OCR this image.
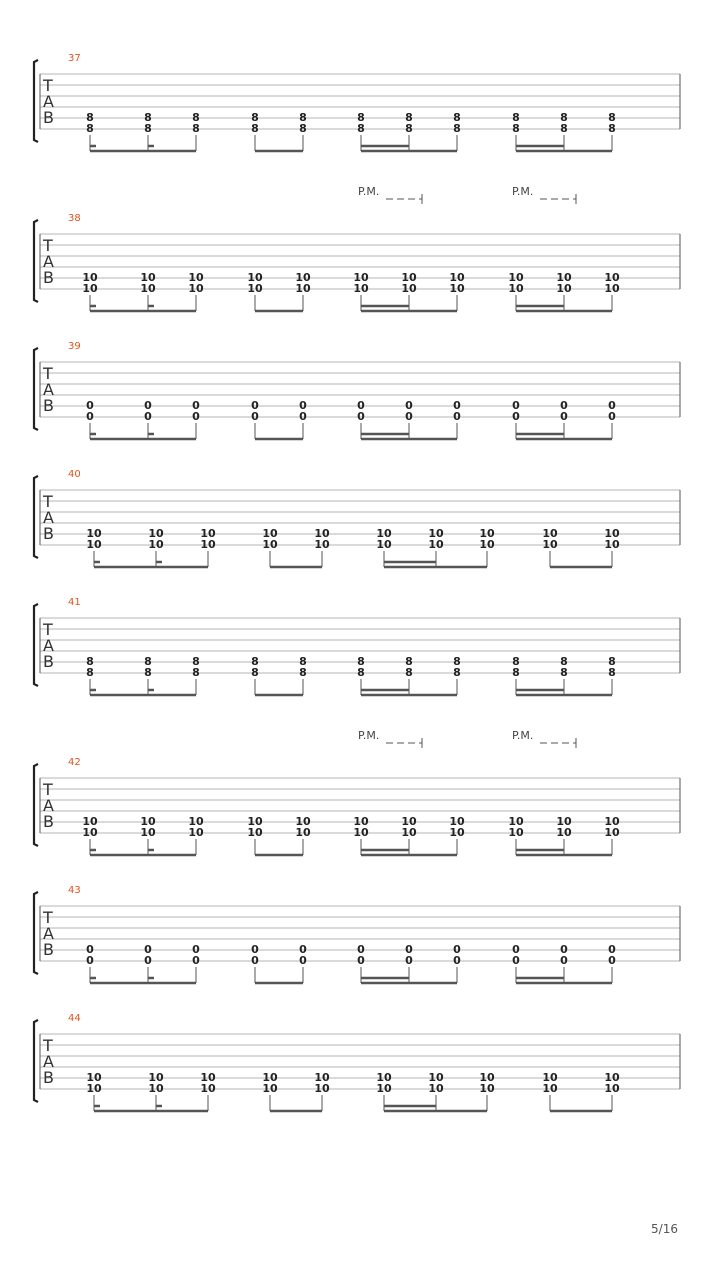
37
T
A
B	8
8
8
8
8
8
8
8
8
8
8
8
8
8
8
8
8
8
8
8
8
8
38
T
A
B	10
10
10
10
10
10
10
10
10
10
10
10
10
10
10
10
10
10
10
10
10
10
P.M.	P.M.
39
T
A
B	0
0
0
0
0
0
0
0
0
0
0
0
0
0
0
0
0
0
0
0
0
0
40
T
A
B	10
10
10
10
10
10
10
10
10
10
10
10
10
10
10
10
10
10
10
10
41
T
A
B	8
8
8
8
8
8
8
8
8
8
8
8
8
8
8
8
8
8
8
8
8
8
42
T
A
B	10
10
10
10
10
10
10
10
10
10
10
10
10
10
10
10
10
10
10
10
10
10
P.M.	P.M.
43
T
A
B	0
0
0
0
0
0
0
0
0
0
0
0
0
0
0
0
0
0
0
0
0
0
44
T
A
B	10
10
10
10
10
10
10
10
10
10
10
10
10
10
10
10
10
10
10
10
5/16
